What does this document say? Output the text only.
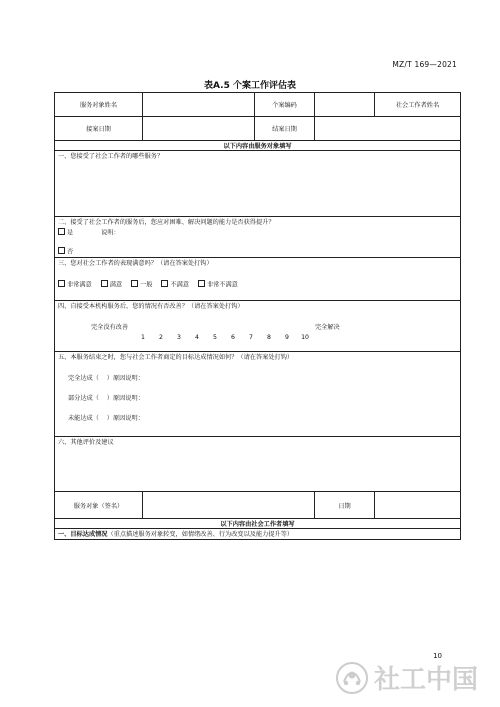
MZ/T 169—2021
表A.5 个案工作评估表
服务对象姓名		个案编码		社会工作者姓名
接案日期		结案日期		
以下内容由服务对象填写				

一、您接受了社会工作者的哪些服务？				

二、接受了社会工作者的服务后，您应对困难、解决问题的能力是否获得提升？
是 说明：
否				

三、您对社会工作者的表现满意吗？（请在答案处打钩）
非常满意 满意 一般 不满意 非常不满意				

四、自接受本机构服务后，您的情况有否改善？（请在答案处打钩）
完全没有改善 完全解决
1 2 3 4 5 6 7 8 9 10				

五、本服务结束之时，您与社会工作者商定的目标达成情况如何？（请在答案处打钩）
完全达成（    ）原因说明：
部分达成（    ）原因说明：
未能达成（    ）原因说明：				

六、其他评价及建议				

服务对象（签名）			日期	
以下内容由社会工作者填写				

一、目标达成情况（重点描述服务对象转变，如情绪改善、行为改变以及能力提升等）				
10
社工中国
